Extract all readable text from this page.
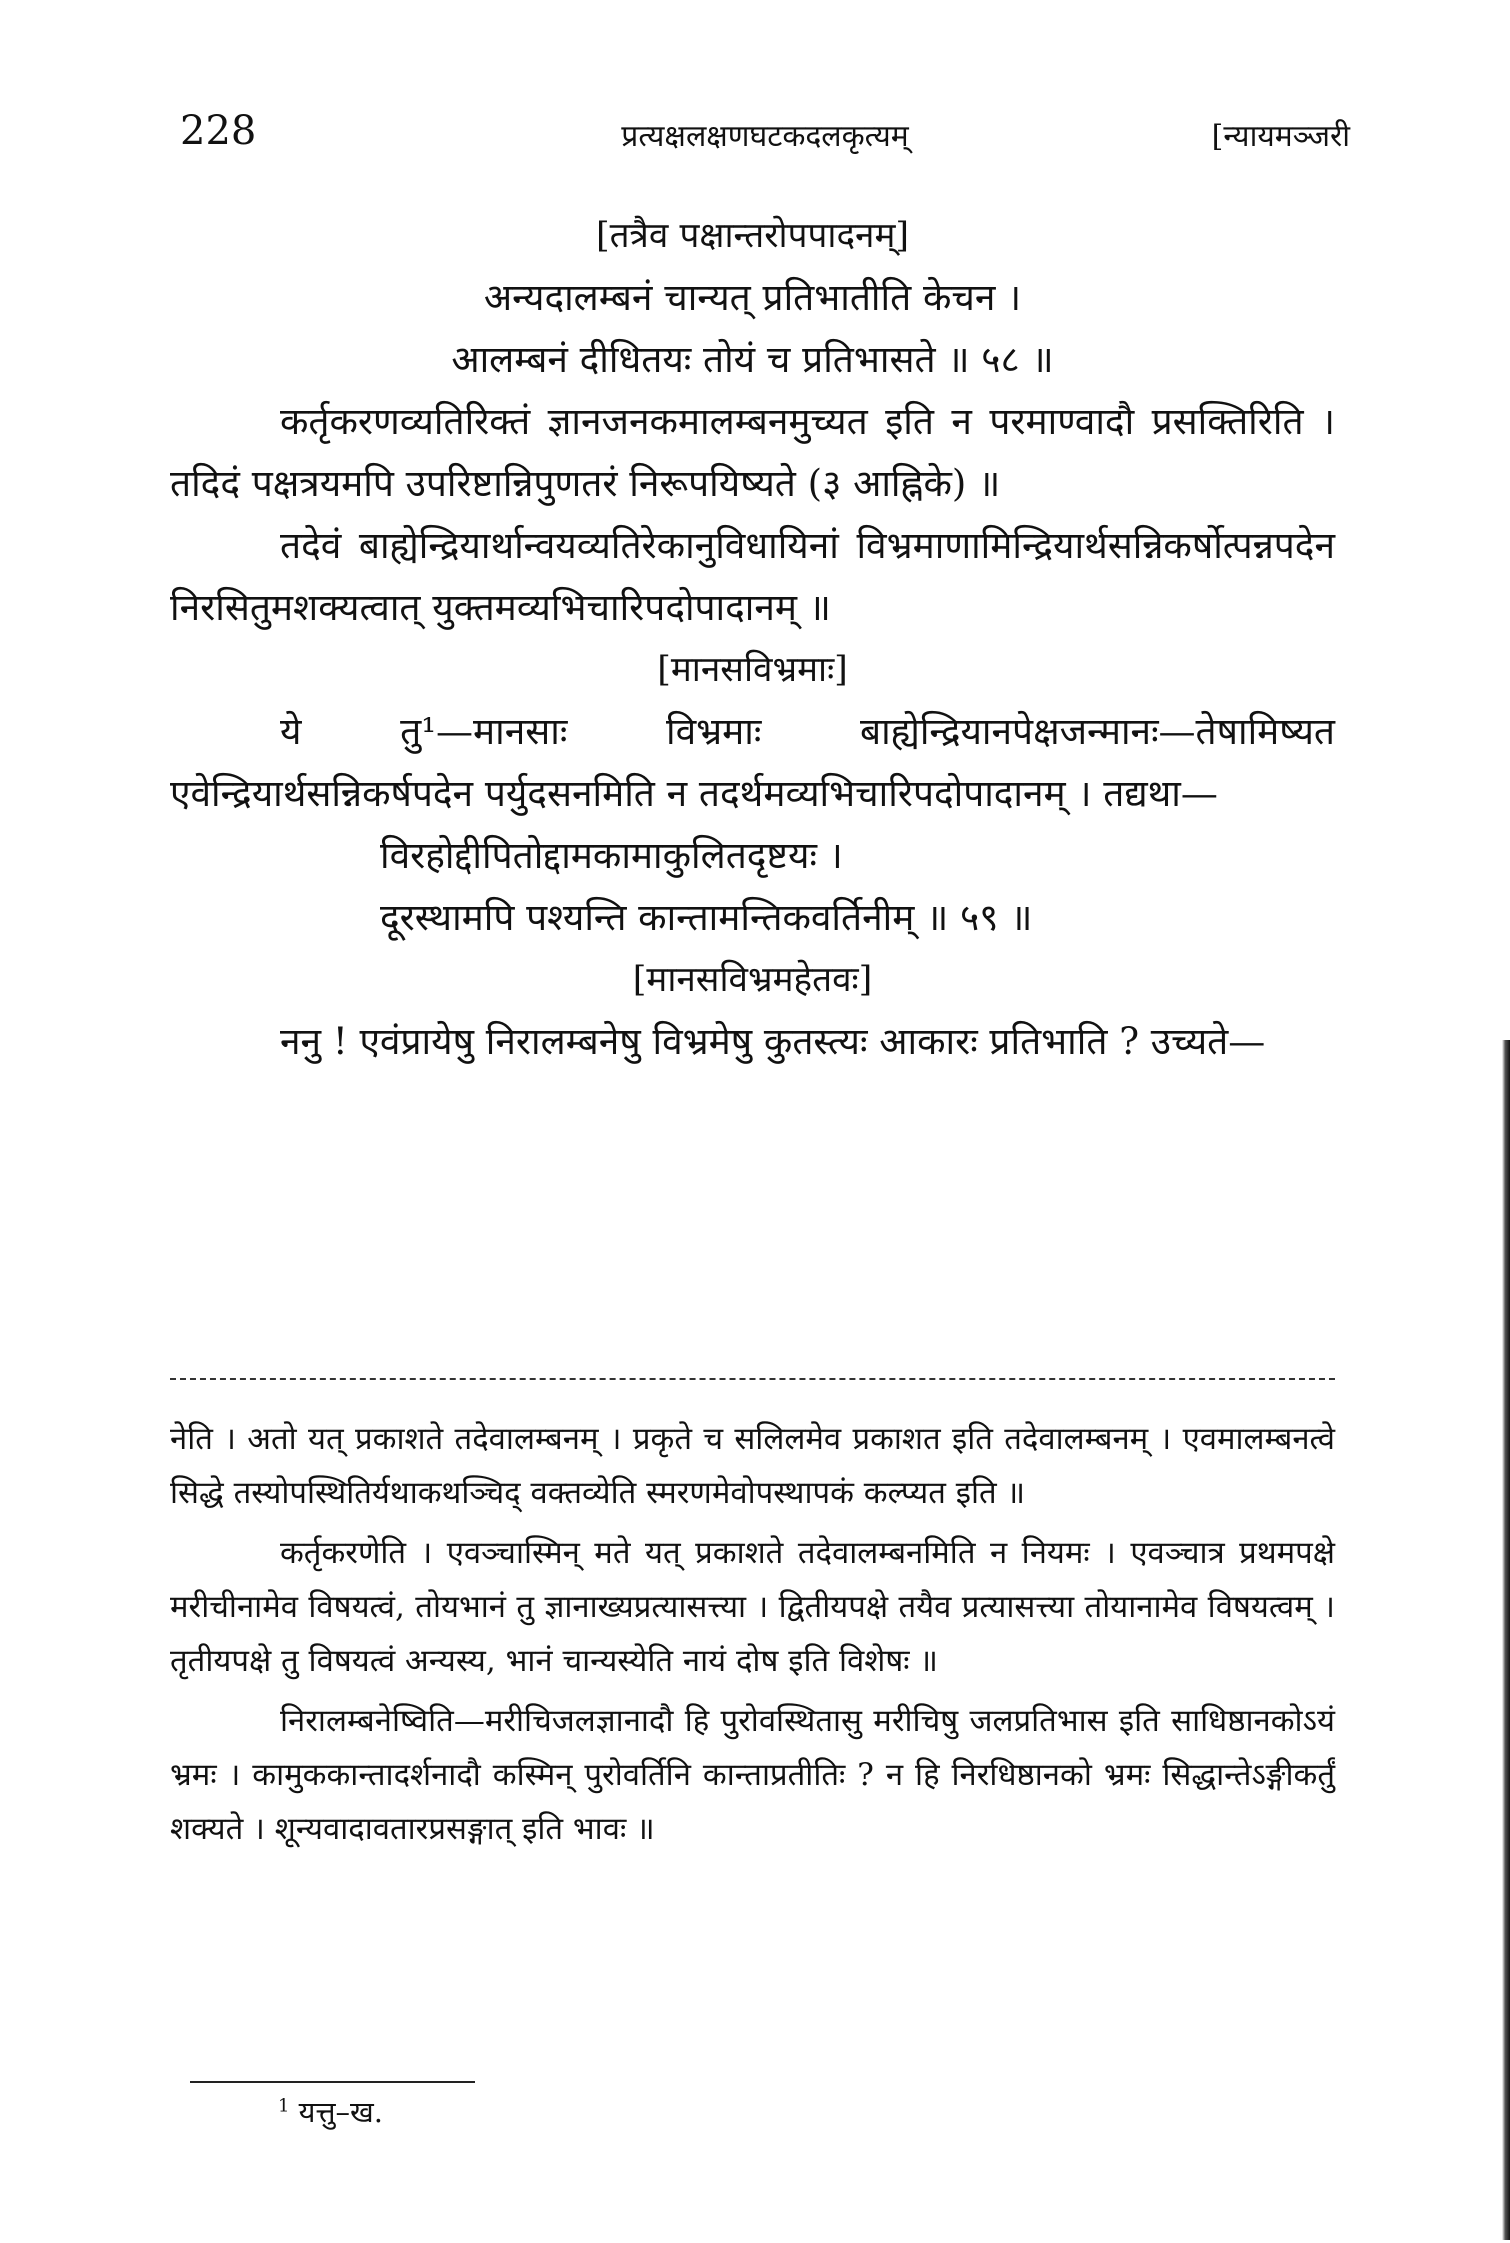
228	प्रत्यक्षलक्षणघटकदलकृत्यम्	[न्यायमञ्जरी

[तत्रैव पक्षान्तरोपपादनम्]

अन्यदालम्बनं चान्यत् प्रतिभातीति केचन ।

आलम्बनं दीधितयः तोयं च प्रतिभासते ॥ ५८ ॥

कर्तृकरणव्यतिरिक्तं ज्ञानजनकमालम्बनमुच्यत इति न परमाण्वादौ प्रसक्तिरिति । तदिदं पक्षत्रयमपि उपरिष्टान्निपुणतरं निरूपयिष्यते (३ आह्निके) ॥

तदेवं बाह्येन्द्रियार्थान्वयव्यतिरेकानुविधायिनां विभ्रमाणामिन्द्रियार्थसन्निकर्षोत्पन्नपदेन निरसितुमशक्यत्वात् युक्तमव्यभिचारिपदोपादानम् ॥

[मानसविभ्रमाः]

ये तु¹—मानसाः विभ्रमाः बाह्येन्द्रियानपेक्षजन्मानः—तेषामिष्यत एवेन्द्रियार्थसन्निकर्षपदेन पर्युदसनमिति न तदर्थमव्यभिचारिपदोपादानम् । तद्यथा—

विरहोद्दीपितोद्दामकामाकुलितदृष्टयः ।

दूरस्थामपि पश्यन्ति कान्तामन्तिकवर्तिनीम् ॥ ५९ ॥

[मानसविभ्रमहेतवः]

ननु ! एवंप्रायेषु निरालम्बनेषु विभ्रमेषु कुतस्त्यः आकारः प्रतिभाति ? उच्यते—

नेति । अतो यत् प्रकाशते तदेवालम्बनम् । प्रकृते च सलिलमेव प्रकाशत इति तदेवालम्बनम् । एवमालम्बनत्वे सिद्धे तस्योपस्थितिर्यथाकथञ्चिद् वक्तव्येति स्मरणमेवोपस्थापकं कल्प्यत इति ॥

कर्तृकरणेति । एवञ्चास्मिन् मते यत् प्रकाशते तदेवालम्बनमिति न नियमः । एवञ्चात्र प्रथमपक्षे मरीचीनामेव विषयत्वं, तोयभानं तु ज्ञानाख्यप्रत्यासत्त्या । द्वितीयपक्षे तयैव प्रत्यासत्त्या तोयानामेव विषयत्वम् । तृतीयपक्षे तु विषयत्वं अन्यस्य, भानं चान्यस्येति नायं दोष इति विशेषः ॥

निरालम्बनेष्विति—मरीचिजलज्ञानादौ हि पुरोवस्थितासु मरीचिषु जलप्रतिभास इति साधिष्ठानकोऽयं भ्रमः । कामुककान्तादर्शनादौ कस्मिन् पुरोवर्तिनि कान्ताप्रतीतिः ? न हि निरधिष्ठानको भ्रमः सिद्धान्तेऽङ्गीकर्तुं शक्यते । शून्यवादावतारप्रसङ्गात् इति भावः ॥

$^1$ यत्तु–ख.
